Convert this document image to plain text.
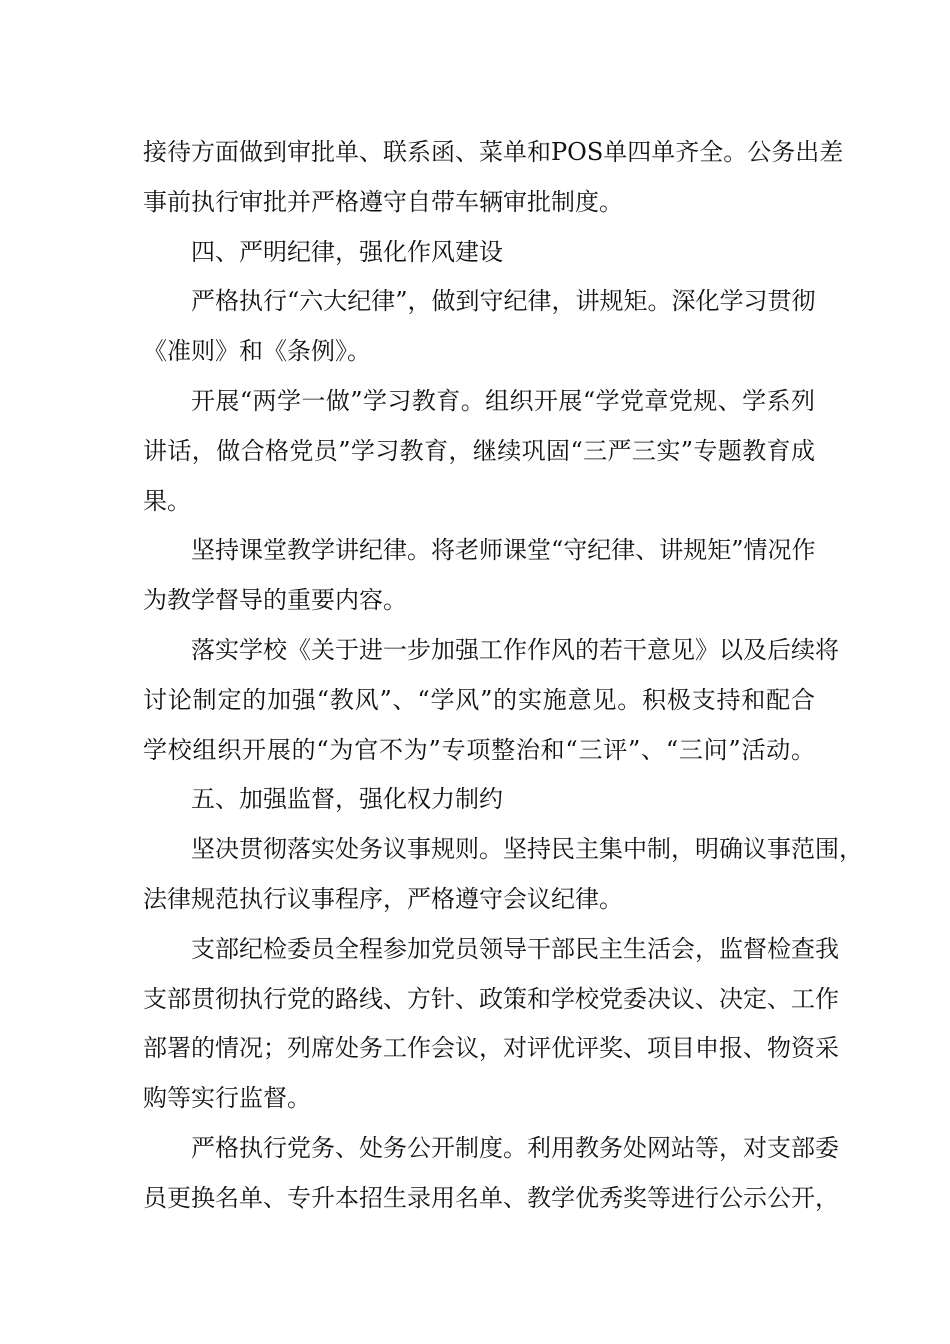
接待方面做到审批单、联系函、菜单和POS单四单齐全。公务出差
事前执行审批并严格遵守自带车辆审批制度。
四、严明纪律，强化作风建设
严格执行“六大纪律”，做到守纪律，讲规矩。深化学习贯彻
《准则》和《条例》。
开展“两学一做”学习教育。组织开展“学党章党规、学系列
讲话，做合格党员”学习教育，继续巩固“三严三实”专题教育成
果。
坚持课堂教学讲纪律。将老师课堂“守纪律、讲规矩”情况作
为教学督导的重要内容。
落实学校《关于进一步加强工作作风的若干意见》以及后续将
讨论制定的加强“教风”、“学风”的实施意见。积极支持和配合
学校组织开展的“为官不为”专项整治和“三评”、“三问”活动。
五、加强监督，强化权力制约
坚决贯彻落实处务议事规则。坚持民主集中制，明确议事范围，
法律规范执行议事程序，严格遵守会议纪律。
支部纪检委员全程参加党员领导干部民主生活会，监督检查我
支部贯彻执行党的路线、方针、政策和学校党委决议、决定、工作
部署的情况；列席处务工作会议，对评优评奖、项目申报、物资采
购等实行监督。
严格执行党务、处务公开制度。利用教务处网站等，对支部委
员更换名单、专升本招生录用名单、教学优秀奖等进行公示公开，
